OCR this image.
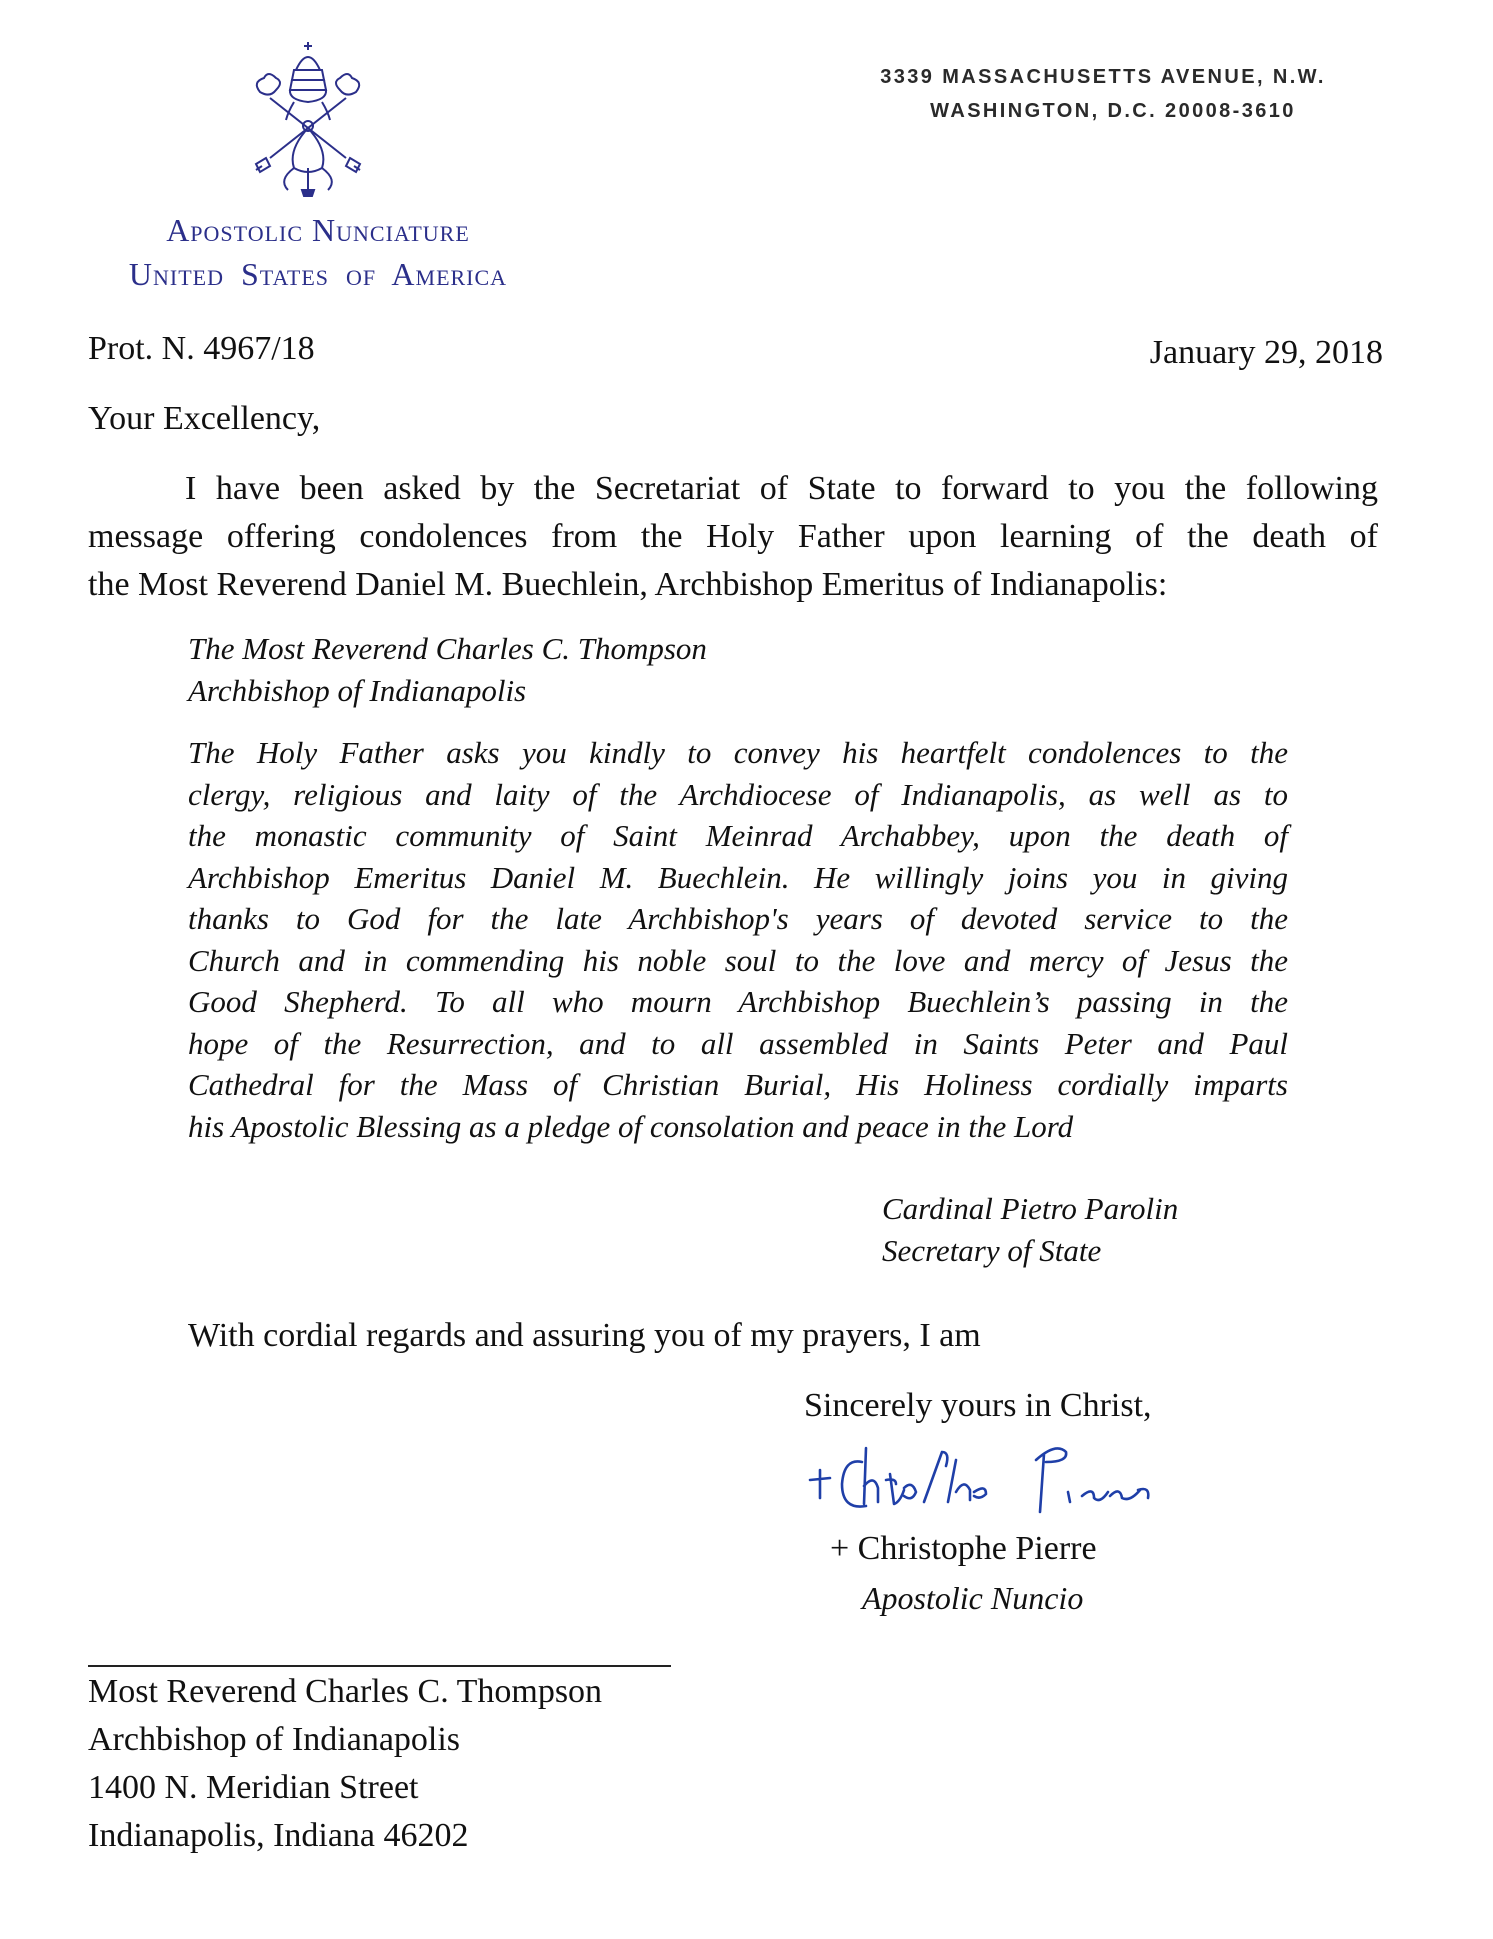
Apostolic Nunciature
United States of America
3339 MASSACHUSETTS AVENUE, N.W.
WASHINGTON, D.C. 20008-3610
Prot. N. 4967/18	January 29, 2018
Your Excellency,
I have been asked by the Secretariat of State to forward to you the following
message offering condolences from the Holy Father upon learning of the death of
the Most Reverend Daniel M. Buechlein, Archbishop Emeritus of Indianapolis:
The Most Reverend Charles C. Thompson
Archbishop of Indianapolis
The Holy Father asks you kindly to convey his heartfelt condolences to the
clergy, religious and laity of the Archdiocese of Indianapolis, as well as to
the monastic community of Saint Meinrad Archabbey, upon the death of
Archbishop Emeritus Daniel M. Buechlein. He willingly joins you in giving
thanks to God for the late Archbishop's years of devoted service to the
Church and in commending his noble soul to the love and mercy of Jesus the
Good Shepherd. To all who mourn Archbishop Buechlein’s passing in the
hope of the Resurrection, and to all assembled in Saints Peter and Paul
Cathedral for the Mass of Christian Burial, His Holiness cordially imparts
his Apostolic Blessing as a pledge of consolation and peace in the Lord
Cardinal Pietro Parolin
Secretary of State
With cordial regards and assuring you of my prayers, I am
Sincerely yours in Christ,
+ Christophe Pierre
Apostolic Nuncio
Most Reverend Charles C. Thompson
Archbishop of Indianapolis
1400 N. Meridian Street
Indianapolis, Indiana 46202
